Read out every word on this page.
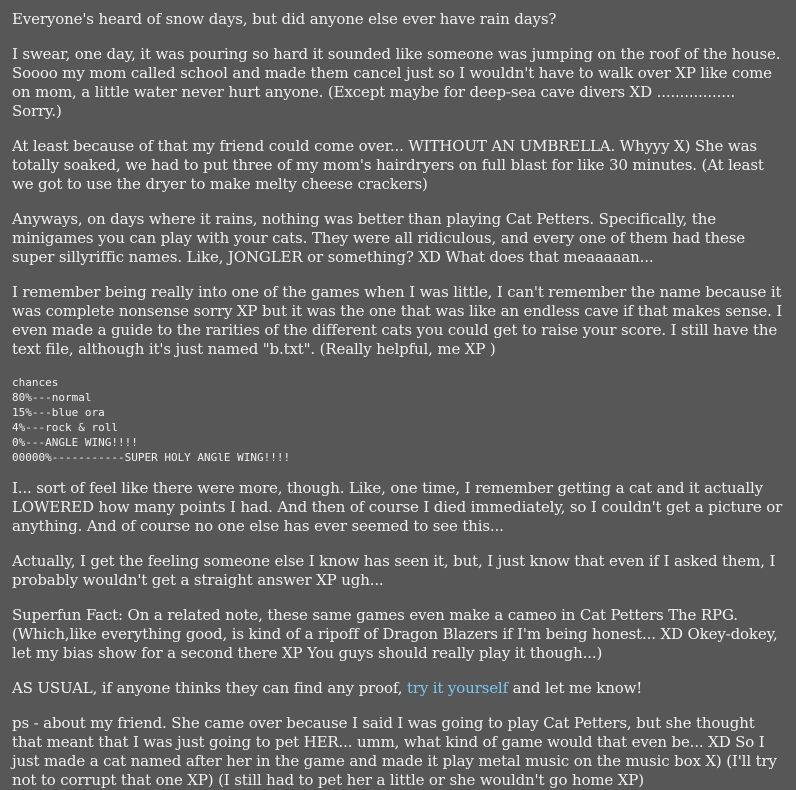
Everyone's heard of snow days, but did anyone else ever have rain days?

I swear, one day, it was pouring so hard it sounded like someone was jumping on the roof of the house. Soooo my mom called school and made them cancel just so I wouldn't have to walk over XP like come on mom, a little water never hurt anyone. (Except maybe for deep-sea cave divers XD ................. Sorry.)

At least because of that my friend could come over... WITHOUT AN UMBRELLA. Whyyy X) She was totally soaked, we had to put three of my mom's hairdryers on full blast for like 30 minutes. (At least we got to use the dryer to make melty cheese crackers)

Anyways, on days where it rains, nothing was better than playing Cat Petters. Specifically, the minigames you can play with your cats. They were all ridiculous, and every one of them had these super sillyriffic names. Like, JONGLER or something? XD What does that meaaaaan...

I remember being really into one of the games when I was little, I can't remember the name because it was complete nonsense sorry XP but it was the one that was like an endless cave if that makes sense. I even made a guide to the rarities of the different cats you could get to raise your score. I still have the text file, although it's just named "b.txt". (Really helpful, me XP )

chances
80%---normal
15%---blue ora
4%---rock & roll
0%---ANGLE WING!!!!
00000%-----------SUPER HOLY ANGlE WING!!!!

I... sort of feel like there were more, though. Like, one time, I remember getting a cat and it actually LOWERED how many points I had. And then of course I died immediately, so I couldn't get a picture or anything. And of course no one else has ever seemed to see this...

Actually, I get the feeling someone else I know has seen it, but, I just know that even if I asked them, I probably wouldn't get a straight answer XP ugh...

Superfun Fact: On a related note, these same games even make a cameo in Cat Petters The RPG. (Which,like everything good, is kind of a ripoff of Dragon Blazers if I'm being honest... XD Okey-dokey, let my bias show for a second there XP You guys should really play it though...)

AS USUAL, if anyone thinks they can find any proof, try it yourself and let me know!

ps - about my friend. She came over because I said I was going to play Cat Petters, but she thought that meant that I was just going to pet HER... umm, what kind of game would that even be... XD So I just made a cat named after her in the game and made it play metal music on the music box X) (I'll try not to corrupt that one XP) (I still had to pet her a little or she wouldn't go home XP)
